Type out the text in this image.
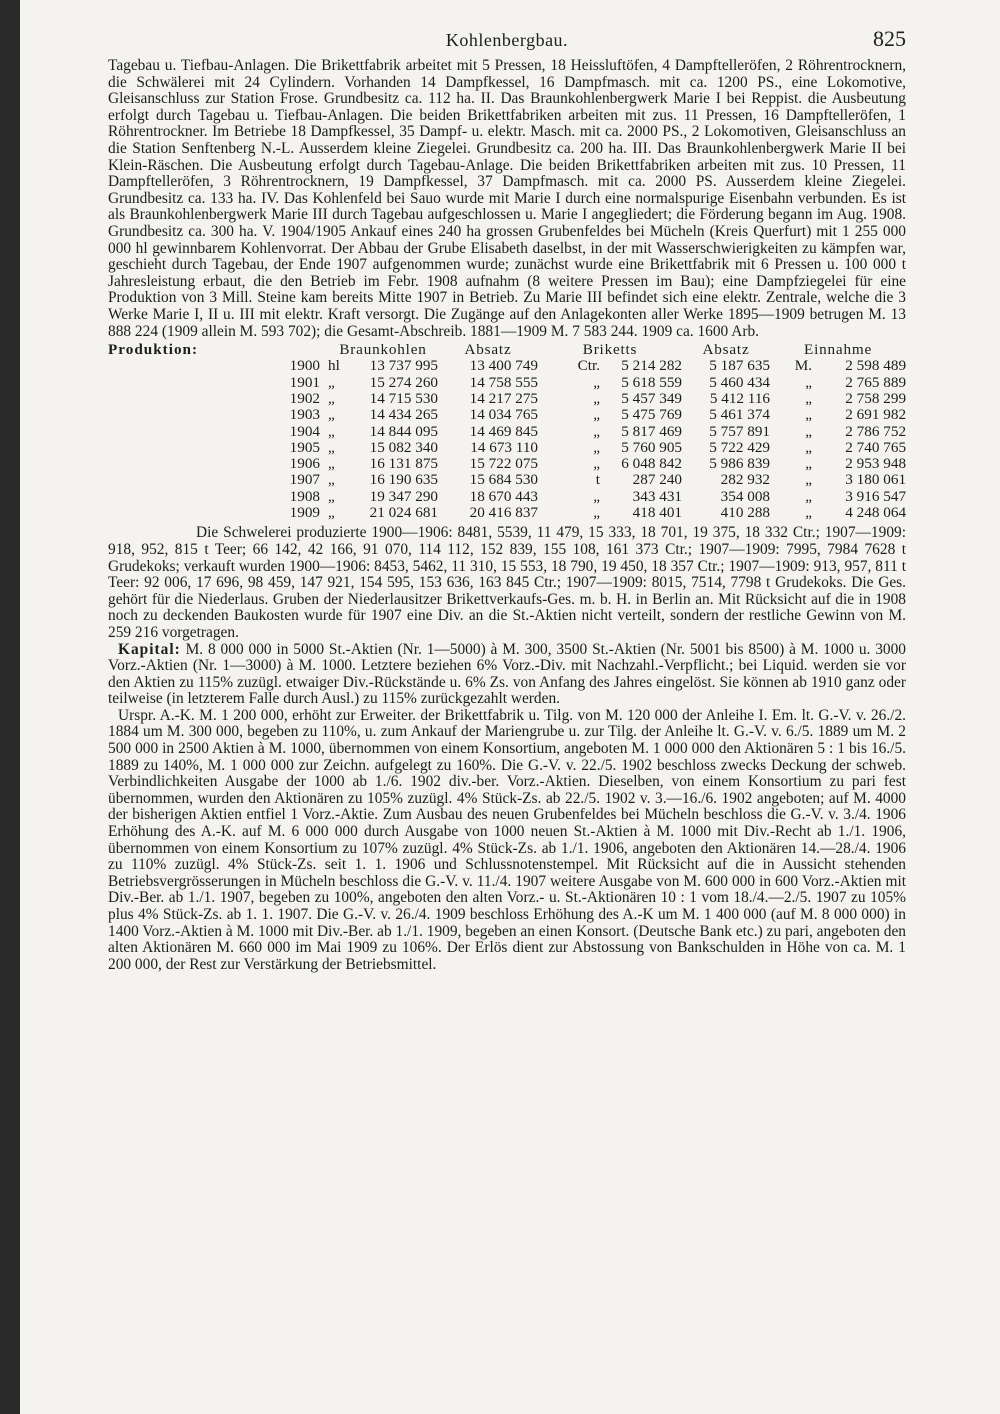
Kohlenbergbau.	825

Tagebau u. Tiefbau-Anlagen. Die Brikettfabrik arbeitet mit 5 Pressen, 18 Heissluftöfen, 4 Dampftelleröfen, 2 Röhrentrocknern, die Schwälerei mit 24 Cylindern. Vorhanden 14 Dampfkessel, 16 Dampfmasch. mit ca. 1200 PS., eine Lokomotive, Gleisanschluss zur Station Frose. Grundbesitz ca. 112 ha. II. Das Braunkohlenbergwerk Marie I bei Reppist. die Ausbeutung erfolgt durch Tagebau u. Tiefbau-Anlagen. Die beiden Brikettfabriken arbeiten mit zus. 11 Pressen, 16 Dampftelleröfen, 1 Röhrentrockner. Im Betriebe 18 Dampfkessel, 35 Dampf- u. elektr. Masch. mit ca. 2000 PS., 2 Lokomotiven, Gleisanschluss an die Station Senftenberg N.-L. Ausserdem kleine Ziegelei. Grundbesitz ca. 200 ha. III. Das Braunkohlenbergwerk Marie II bei Klein-Räschen. Die Ausbeutung erfolgt durch Tagebau-Anlage. Die beiden Brikettfabriken arbeiten mit zus. 10 Pressen, 11 Dampftelleröfen, 3 Röhrentrocknern, 19 Dampfkessel, 37 Dampfmasch. mit ca. 2000 PS. Ausserdem kleine Ziegelei. Grundbesitz ca. 133 ha. IV. Das Kohlenfeld bei Sauo wurde mit Marie I durch eine normalspurige Eisenbahn verbunden. Es ist als Braunkohlenbergwerk Marie III durch Tagebau aufgeschlossen u. Marie I angegliedert; die Förderung begann im Aug. 1908. Grundbesitz ca. 300 ha. V. 1904/1905 Ankauf eines 240 ha grossen Grubenfeldes bei Mücheln (Kreis Querfurt) mit 1 255 000 000 hl gewinnbarem Kohlenvorrat. Der Abbau der Grube Elisabeth daselbst, in der mit Wasserschwierigkeiten zu kämpfen war, geschieht durch Tagebau, der Ende 1907 aufgenommen wurde; zunächst wurde eine Brikettfabrik mit 6 Pressen u. 100 000 t Jahresleistung erbaut, die den Betrieb im Febr. 1908 aufnahm (8 weitere Pressen im Bau); eine Dampfziegelei für eine Produktion von 3 Mill. Steine kam bereits Mitte 1907 in Betrieb. Zu Marie III befindet sich eine elektr. Zentrale, welche die 3 Werke Marie I, II u. III mit elektr. Kraft versorgt. Die Zugänge auf den Anlagekonten aller Werke 1895—1909 betrugen M. 13 888 224 (1909 allein M. 593 702); die Gesamt-Abschreib. 1881—1909 M. 7 583 244. 1909 ca. 1600 Arb.

Produktion:		Braunkohlen		Absatz	Briketts		Absatz	Einnahme	

	1900	hl	13 737 995	13 400 749	Ctr.	5 214 282	5 187 635	M.	2 598 489
	1901	„	15 274 260	14 758 555	„	5 618 559	5 460 434	„	2 765 889
	1902	„	14 715 530	14 217 275	„	5 457 349	5 412 116	„	2 758 299
	1903	„	14 434 265	14 034 765	„	5 475 769	5 461 374	„	2 691 982
	1904	„	14 844 095	14 469 845	„	5 817 469	5 757 891	„	2 786 752
	1905	„	15 082 340	14 673 110	„	5 760 905	5 722 429	„	2 740 765
	1906	„	16 131 875	15 722 075	„	6 048 842	5 986 839	„	2 953 948
	1907	„	16 190 635	15 684 530	t	287 240	282 932	„	3 180 061
	1908	„	19 347 290	18 670 443	„	343 431	354 008	„	3 916 547
	1909	„	21 024 681	20 416 837	„	418 401	410 288	„	4 248 064

Die Schwelerei produzierte 1900—1906: 8481, 5539, 11 479, 15 333, 18 701, 19 375, 18 332 Ctr.; 1907—1909: 918, 952, 815 t Teer; 66 142, 42 166, 91 070, 114 112, 152 839, 155 108, 161 373 Ctr.; 1907—1909: 7995, 7984 7628 t Grudekoks; verkauft wurden 1900—1906: 8453, 5462, 11 310, 15 553, 18 790, 19 450, 18 357 Ctr.; 1907—1909: 913, 957, 811 t Teer: 92 006, 17 696, 98 459, 147 921, 154 595, 153 636, 163 845 Ctr.; 1907—1909: 8015, 7514, 7798 t Grudekoks. Die Ges. gehört für die Niederlaus. Gruben der Niederlausitzer Brikettverkaufs-Ges. m. b. H. in Berlin an. Mit Rücksicht auf die in 1908 noch zu deckenden Baukosten wurde für 1907 eine Div. an die St.-Aktien nicht verteilt, sondern der restliche Gewinn von M. 259 216 vorgetragen.

Kapital: M. 8 000 000 in 5000 St.-Aktien (Nr. 1—5000) à M. 300, 3500 St.-Aktien (Nr. 5001 bis 8500) à M. 1000 u. 3000 Vorz.-Aktien (Nr. 1—3000) à M. 1000. Letztere beziehen 6% Vorz.-Div. mit Nachzahl.-Verpflicht.; bei Liquid. werden sie vor den Aktien zu 115% zuzügl. etwaiger Div.-Rückstände u. 6% Zs. von Anfang des Jahres eingelöst. Sie können ab 1910 ganz oder teilweise (in letzterem Falle durch Ausl.) zu 115% zurückgezahlt werden.

Urspr. A.-K. M. 1 200 000, erhöht zur Erweiter. der Brikettfabrik u. Tilg. von M. 120 000 der Anleihe I. Em. lt. G.-V. v. 26./2. 1884 um M. 300 000, begeben zu 110%, u. zum Ankauf der Mariengrube u. zur Tilg. der Anleihe lt. G.-V. v. 6./5. 1889 um M. 2 500 000 in 2500 Aktien à M. 1000, übernommen von einem Konsortium, angeboten M. 1 000 000 den Aktionären 5 : 1 bis 16./5. 1889 zu 140%, M. 1 000 000 zur Zeichn. aufgelegt zu 160%. Die G.-V. v. 22./5. 1902 beschloss zwecks Deckung der schweb. Verbindlichkeiten Ausgabe der 1000 ab 1./6. 1902 div.-ber. Vorz.-Aktien. Dieselben, von einem Konsortium zu pari fest übernommen, wurden den Aktionären zu 105% zuzügl. 4% Stück-Zs. ab 22./5. 1902 v. 3.—16./6. 1902 angeboten; auf M. 4000 der bisherigen Aktien entfiel 1 Vorz.-Aktie. Zum Ausbau des neuen Grubenfeldes bei Mücheln beschloss die G.-V. v. 3./4. 1906 Erhöhung des A.-K. auf M. 6 000 000 durch Ausgabe von 1000 neuen St.-Aktien à M. 1000 mit Div.-Recht ab 1./1. 1906, übernommen von einem Konsortium zu 107% zuzügl. 4% Stück-Zs. ab 1./1. 1906, angeboten den Aktionären 14.—28./4. 1906 zu 110% zuzügl. 4% Stück-Zs. seit 1. 1. 1906 und Schlussnotenstempel. Mit Rücksicht auf die in Aussicht stehenden Betriebsvergrösserungen in Mücheln beschloss die G.-V. v. 11./4. 1907 weitere Ausgabe von M. 600 000 in 600 Vorz.-Aktien mit Div.-Ber. ab 1./1. 1907, begeben zu 100%, angeboten den alten Vorz.- u. St.-Aktionären 10 : 1 vom 18./4.—2./5. 1907 zu 105% plus 4% Stück-Zs. ab 1. 1. 1907. Die G.-V. v. 26./4. 1909 beschloss Erhöhung des A.-K um M. 1 400 000 (auf M. 8 000 000) in 1400 Vorz.-Aktien à M. 1000 mit Div.-Ber. ab 1./1. 1909, begeben an einen Konsort. (Deutsche Bank etc.) zu pari, angeboten den alten Aktionären M. 660 000 im Mai 1909 zu 106%. Der Erlös dient zur Abstossung von Bankschulden in Höhe von ca. M. 1 200 000, der Rest zur Verstärkung der Betriebsmittel.
